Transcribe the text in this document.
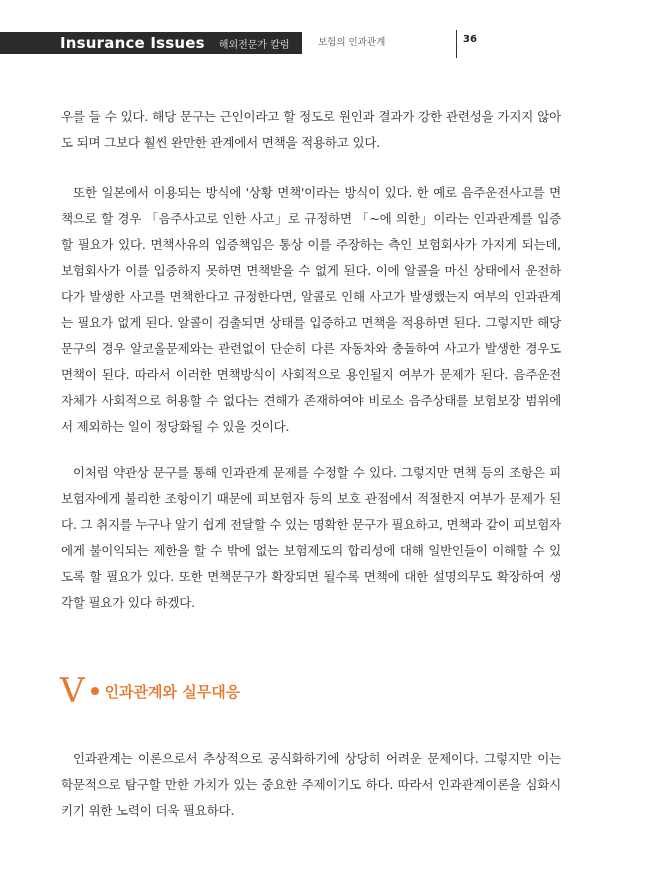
Insurance Issues 해외전문가 칼럼	보험의 인과관계	36

우를 들 수 있다. 해당 문구는 근인이라고 할 정도로 원인과 결과가 강한 관련성을 가지지 않아도 되며 그보다 훨씬 완만한 관계에서 면책을 적용하고 있다.

또한 일본에서 이용되는 방식에 '상황 면책'이라는 방식이 있다. 한 예로 음주운전사고를 면책으로 할 경우 「음주사고로 인한 사고」로 규정하면 「~에 의한」이라는 인과관계를 입증할 필요가 있다. 면책사유의 입증책임은 통상 이를 주장하는 측인 보험회사가 가지게 되는데, 보험회사가 이를 입증하지 못하면 면책받을 수 없게 된다. 이에 알콜을 마신 상태에서 운전하다가 발생한 사고를 면책한다고 규정한다면, 알콜로 인해 사고가 발생했는지 여부의 인과관계는 필요가 없게 된다. 알콜이 검출되면 상태를 입증하고 면책을 적용하면 된다. 그렇지만 해당 문구의 경우 알코올문제와는 관련없이 단순히 다른 자동차와 충돌하여 사고가 발생한 경우도 면책이 된다. 따라서 이러한 면책방식이 사회적으로 용인될지 여부가 문제가 된다. 음주운전 자체가 사회적으로 허용할 수 없다는 견해가 존재하여야 비로소 음주상태를 보험보장 범위에서 제외하는 일이 정당화될 수 있을 것이다.

이처럼 약관상 문구를 통해 인과관계 문제를 수정할 수 있다. 그렇지만 면책 등의 조항은 피보험자에게 불리한 조항이기 때문에 피보험자 등의 보호 관점에서 적절한지 여부가 문제가 된다. 그 취지를 누구나 알기 쉽게 전달할 수 있는 명확한 문구가 필요하고, 면책과 같이 피보험자에게 불이익되는 제한을 할 수 밖에 없는 보험제도의 합리성에 대해 일반인들이 이해할 수 있도록 할 필요가 있다. 또한 면책문구가 확장되면 될수록 면책에 대한 설명의무도 확장하여 생각할 필요가 있다 하겠다.

V 인과관계와 실무대응

인과관계는 이론으로서 추상적으로 공식화하기에 상당히 어려운 문제이다. 그렇지만 이는 학문적으로 탐구할 만한 가치가 있는 중요한 주제이기도 하다. 따라서 인과관계이론을 심화시키기 위한 노력이 더욱 필요하다.
